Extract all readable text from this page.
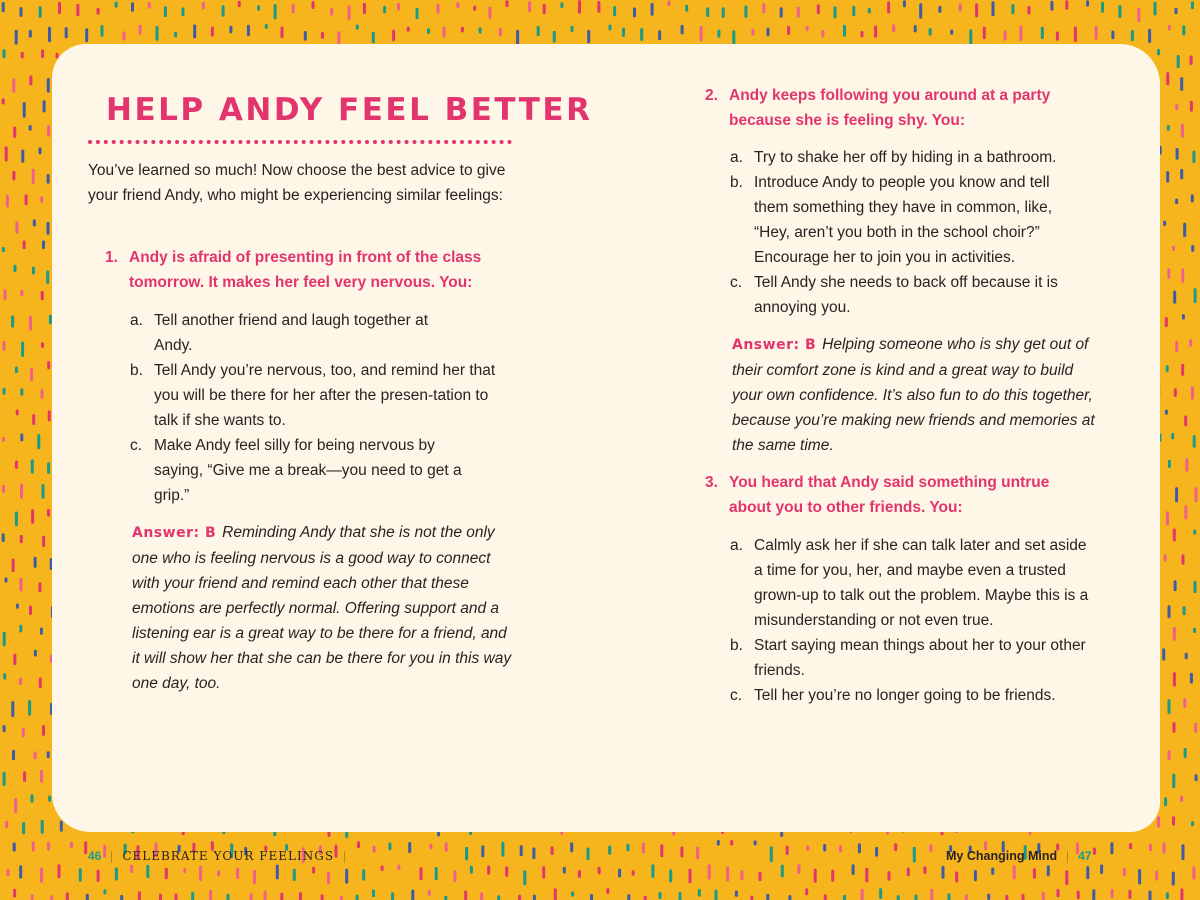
HELP ANDY FEEL BETTER
You’ve learned so much! Now choose the best advice to give your friend Andy, who might be experiencing similar feelings:
1. Andy is afraid of presenting in front of the class tomorrow. It makes her feel very nervous. You:
a. Tell another friend and laugh together at Andy.
b. Tell Andy you’re nervous, too, and remind her that you will be there for her after the presen-tation to talk if she wants to.
c. Make Andy feel silly for being nervous by saying, “Give me a break—you need to get a grip.”
Answer: B Reminding Andy that she is not the only one who is feeling nervous is a good way to connect with your friend and remind each other that these emotions are perfectly normal. Offering support and a listening ear is a great way to be there for a friend, and it will show her that she can be there for you in this way one day, too.
2. Andy keeps following you around at a party because she is feeling shy. You:
a. Try to shake her off by hiding in a bathroom.
b. Introduce Andy to people you know and tell them something they have in common, like, “Hey, aren’t you both in the school choir?” Encourage her to join you in activities.
c. Tell Andy she needs to back off because it is annoying you.
Answer: B Helping someone who is shy get out of their comfort zone is kind and a great way to build your own confidence. It’s also fun to do this together, because you’re making new friends and memories at the same time.
3. You heard that Andy said something untrue about you to other friends. You:
a. Calmly ask her if she can talk later and set aside a time for you, her, and maybe even a trusted grown-up to talk out the problem. Maybe this is a misunderstanding or not even true.
b. Start saying mean things about her to your other friends.
c. Tell her you’re no longer going to be friends.
46 CELEBRATE YOUR FEELINGS	My Changing Mind 47
